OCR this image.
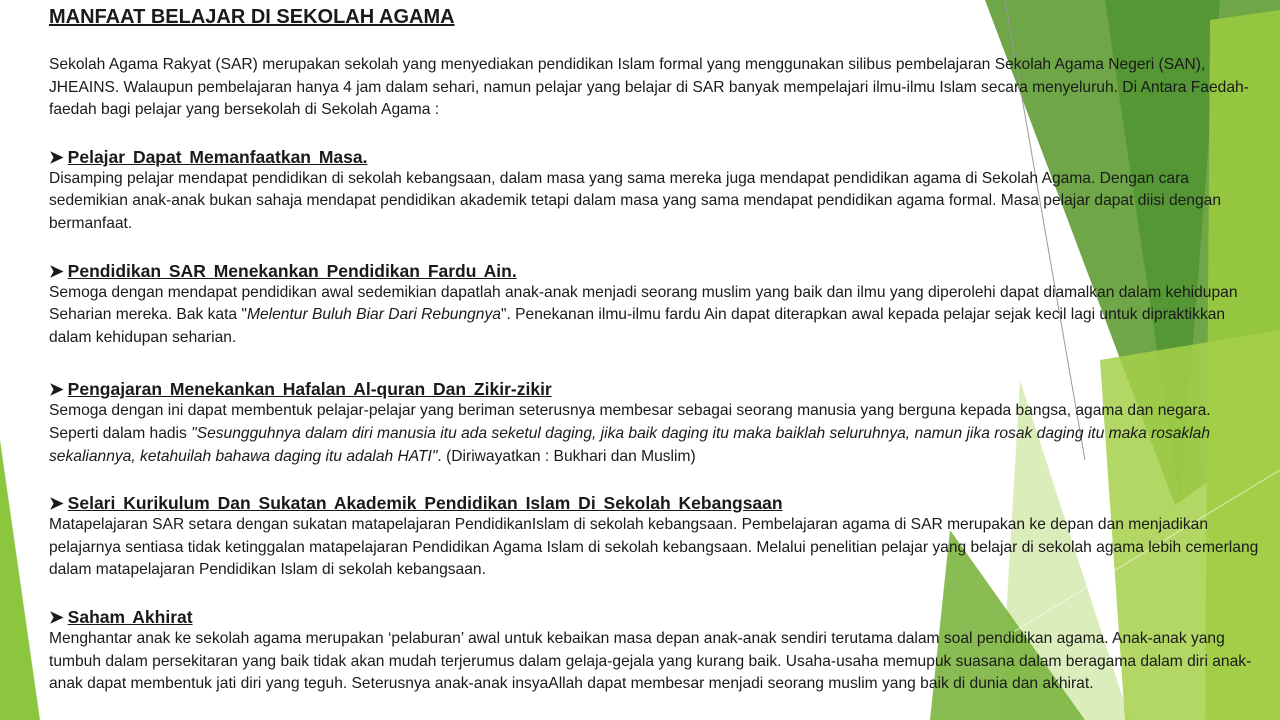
MANFAAT BELAJAR DI SEKOLAH AGAMA

Sekolah Agama Rakyat (SAR) merupakan sekolah yang menyediakan pendidikan Islam formal yang menggunakan silibus pembelajaran Sekolah Agama Negeri (SAN), JHEAINS. Walaupun pembelajaran hanya 4 jam dalam sehari, namun pelajar yang belajar di SAR banyak mempelajari ilmu-ilmu Islam secara menyeluruh. Di Antara Faedah-faedah bagi pelajar yang bersekolah di Sekolah Agama :

➤ Pelajar Dapat Memanfaatkan Masa.

Disamping pelajar mendapat pendidikan di sekolah kebangsaan, dalam masa yang sama mereka juga mendapat pendidikan agama di Sekolah Agama. Dengan cara sedemikian anak-anak bukan sahaja mendapat pendidikan akademik tetapi dalam masa yang sama mendapat pendidikan agama formal. Masa pelajar dapat diisi dengan bermanfaat.

➤ Pendidikan SAR Menekankan Pendidikan Fardu Ain.

Semoga dengan mendapat pendidikan awal sedemikian dapatlah anak-anak menjadi seorang muslim yang baik dan ilmu yang diperolehi dapat diamalkan dalam kehidupan Seharian mereka. Bak kata "Melentur Buluh Biar Dari Rebungnya". Penekanan ilmu-ilmu fardu Ain dapat diterapkan awal kepada pelajar sejak kecil lagi untuk dipraktikkan dalam kehidupan seharian.

➤ Pengajaran Menekankan Hafalan Al-quran Dan Zikir-zikir

Semoga dengan ini dapat membentuk pelajar-pelajar yang beriman seterusnya membesar sebagai seorang manusia yang berguna kepada bangsa, agama dan negara. Seperti dalam hadis "Sesungguhnya dalam diri manusia itu ada seketul daging, jika baik daging itu maka baiklah seluruhnya, namun jika rosak daging itu maka rosaklah sekaliannya, ketahuilah bahawa daging itu adalah HATI". (Diriwayatkan : Bukhari dan Muslim)

➤ Selari Kurikulum Dan Sukatan Akademik Pendidikan Islam Di Sekolah Kebangsaan

Matapelajaran SAR setara dengan sukatan matapelajaran PendidikanIslam di sekolah kebangsaan. Pembelajaran agama di SAR merupakan ke depan dan menjadikan pelajarnya sentiasa tidak ketinggalan matapelajaran Pendidikan Agama Islam di sekolah kebangsaan. Melalui penelitian pelajar yang belajar di sekolah agama lebih cemerlang dalam matapelajaran Pendidikan Islam di sekolah kebangsaan.

➤ Saham Akhirat

Menghantar anak ke sekolah agama merupakan ‘pelaburan’ awal untuk kebaikan masa depan anak-anak sendiri terutama dalam soal pendidikan agama. Anak-anak yang tumbuh dalam persekitaran yang baik tidak akan mudah terjerumus dalam gelaja-gejala yang kurang baik. Usaha-usaha memupuk suasana dalam beragama dalam diri anak-anak dapat membentuk jati diri yang teguh. Seterusnya anak-anak insyaAllah dapat membesar menjadi seorang muslim yang baik di dunia dan akhirat.
